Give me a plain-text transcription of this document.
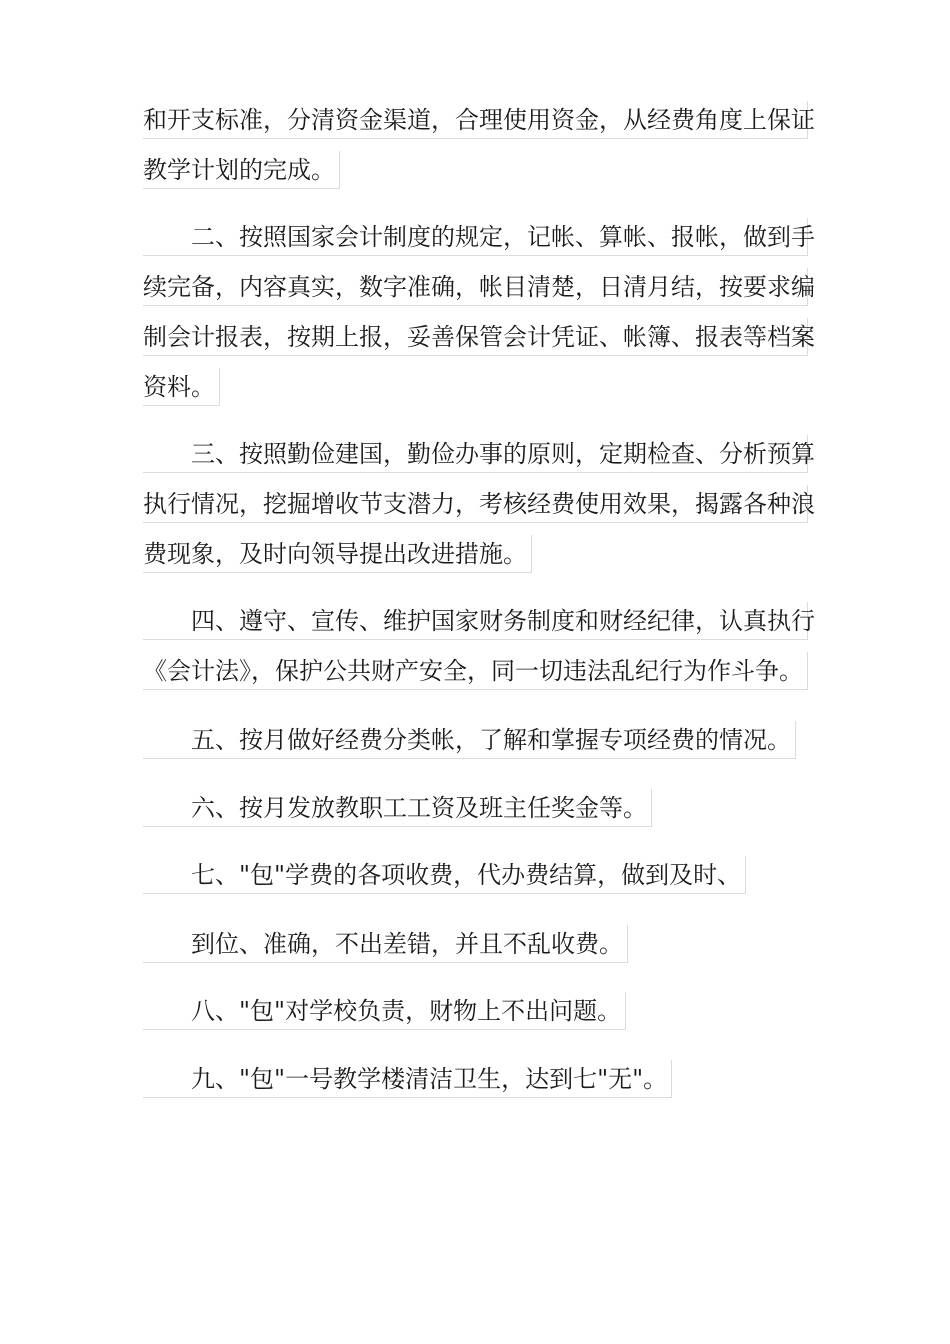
和开支标准，分清资金渠道，合理使用资金，从经费角度上保证
教学计划的完成。
二、按照国家会计制度的规定，记帐、算帐、报帐，做到手
续完备，内容真实，数字准确，帐目清楚，日清月结，按要求编
制会计报表，按期上报，妥善保管会计凭证、帐簿、报表等档案
资料。
三、按照勤俭建国，勤俭办事的原则，定期检查、分析预算
执行情况，挖掘增收节支潜力，考核经费使用效果，揭露各种浪
费现象，及时向领导提出改进措施。
四、遵守、宣传、维护国家财务制度和财经纪律，认真执行
《会计法》，保护公共财产安全，同一切违法乱纪行为作斗争。
五、按月做好经费分类帐，了解和掌握专项经费的情况。
六、按月发放教职工工资及班主任奖金等。
七、"包"学费的各项收费，代办费结算，做到及时、
到位、准确，不出差错，并且不乱收费。
八、"包"对学校负责，财物上不出问题。
九、"包"一号教学楼清洁卫生，达到七"无"。
